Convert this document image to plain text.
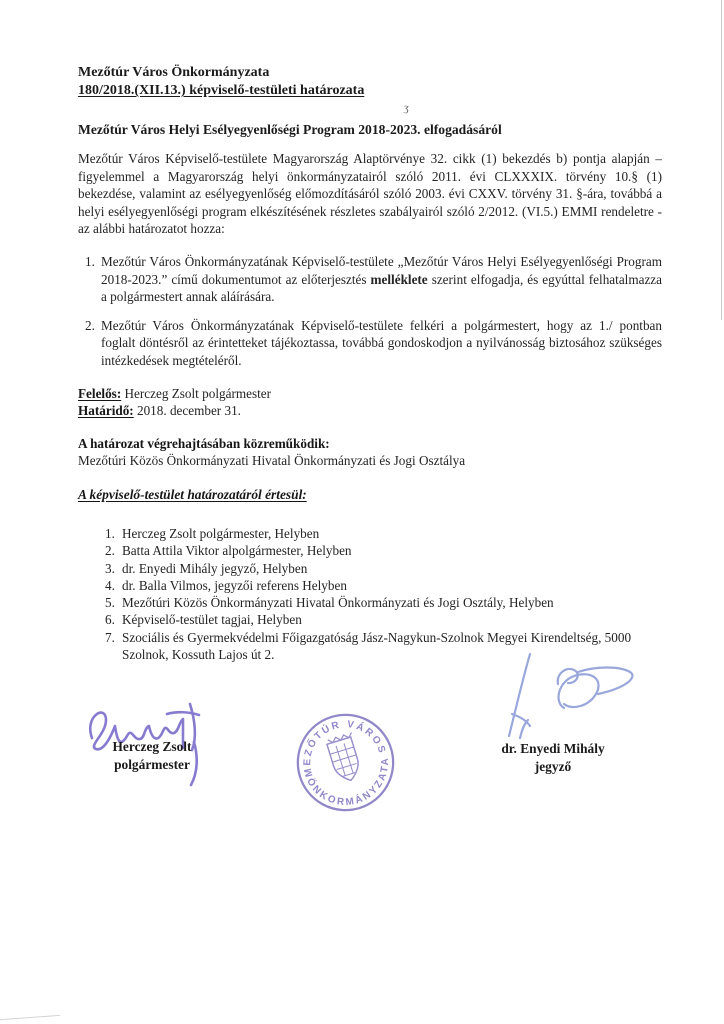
Mezőtúr Város Önkormányzata
180/2018.(XII.13.) képviselő-testületi határozata
ʒ
Mezőtúr Város Helyi Esélyegyenlőségi Program 2018-2023. elfogadásáról

Mezőtúr Város Képviselő-testülete Magyarország Alaptörvénye 32. cikk (1) bekezdés b) pontja alapján – figyelemmel a Magyarország helyi önkormányzatairól szóló 2011. évi CLXXXIX. törvény 10.§ (1) bekezdése, valamint az esélyegyenlőség előmozdításáról szóló 2003. évi CXXV. törvény 31. §-ára, továbbá a helyi esélyegyenlőségi program elkészítésének részletes szabályairól szóló 2/2012. (VI.5.) EMMI rendeletre - az alábbi határozatot hozza:

1. Mezőtúr Város Önkormányzatának Képviselő-testülete „Mezőtúr Város Helyi Esélyegyenlőségi Program 2018-2023.” című dokumentumot az előterjesztés melléklete szerint elfogadja, és egyúttal felhatalmazza a polgármestert annak aláírására.

2. Mezőtúr Város Önkormányzatának Képviselő-testülete felkéri a polgármestert, hogy az 1./ pontban foglalt döntésről az érintetteket tájékoztassa, továbbá gondoskodjon a nyilvánosság biztosához szükséges intézkedések megtételéről.

Felelős: Herczeg Zsolt polgármester
Határidő: 2018. december 31.
A határozat végrehajtásában közreműködik:
Mezőtúri Közös Önkormányzati Hivatal Önkormányzati és Jogi Osztálya
A képviselő-testület határozatáról értesül:
1. Herczeg Zsolt polgármester, Helyben
2. Batta Attila Viktor alpolgármester, Helyben
3. dr. Enyedi Mihály jegyző, Helyben
4. dr. Balla Vilmos, jegyzői referens Helyben
5. Mezőtúri Közös Önkormányzati Hivatal Önkormányzati és Jogi Osztály, Helyben
6. Képviselő-testület tagjai, Helyben
7. Szociális és Gyermekvédelmi Főigazgatóság Jász-Nagykun-Szolnok Megyei Kirendeltség, 5000 Szolnok, Kossuth Lajos út 2.
MEZŐTÚR VÁROS
ÖNKORMÁNYZATA
Herczeg Zsolt
polgármester
dr. Enyedi Mihály
jegyző
